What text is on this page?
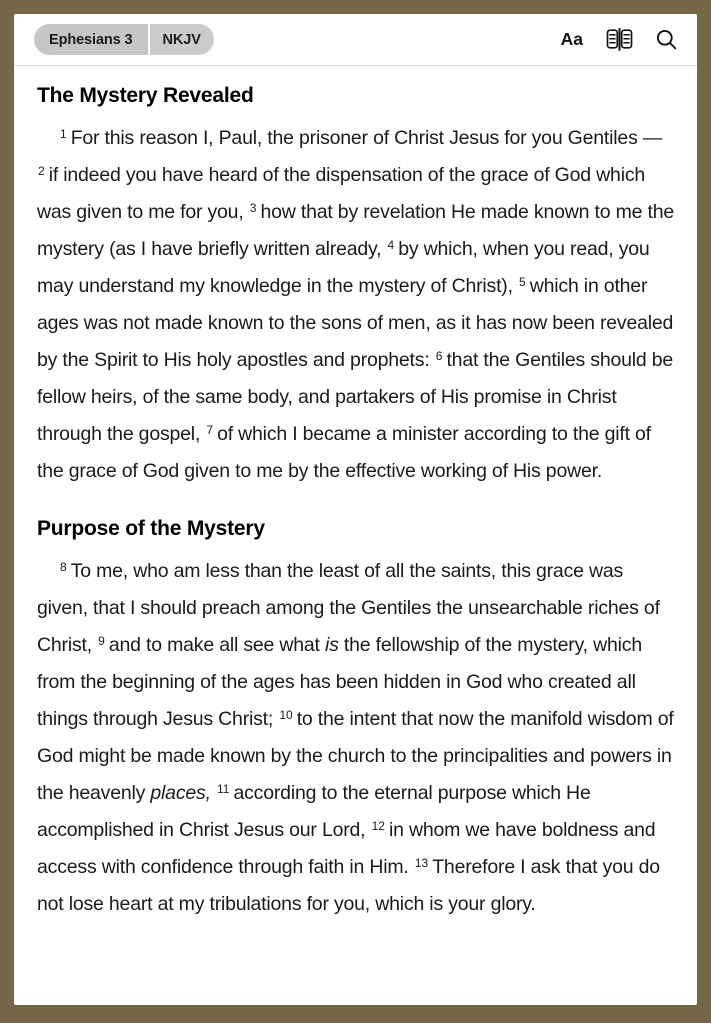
Ephesians 3	NKJV	Aa
The Mystery Revealed

$^1$ For this reason I, Paul, the prisoner of Christ Jesus for you Gentiles — $^2$ if indeed you have heard of the dispensation of the grace of God which was given to me for you, $^3$ how that by revelation He made known to me the mystery (as I have briefly written already, $^4$ by which, when you read, you may understand my knowledge in the mystery of Christ), $^5$ which in other ages was not made known to the sons of men, as it has now been revealed by the Spirit to His holy apostles and prophets: $^6$ that the Gentiles should be fellow heirs, of the same body, and partakers of His promise in Christ through the gospel, $^7$ of which I became a minister according to the gift of the grace of God given to me by the effective working of His power.

Purpose of the Mystery

$^8$ To me, who am less than the least of all the saints, this grace was given, that I should preach among the Gentiles the unsearchable riches of Christ, $^9$ and to make all see what is the fellowship of the mystery, which from the beginning of the ages has been hidden in God who created all things through Jesus Christ; $^{10}$ to the intent that now the manifold wisdom of God might be made known by the church to the principalities and powers in the heavenly places, $^{11}$ according to the eternal purpose which He accomplished in Christ Jesus our Lord, $^{12}$ in whom we have boldness and access with confidence through faith in Him. $^{13}$ Therefore I ask that you do not lose heart at my tribulations for you, which is your glory.
